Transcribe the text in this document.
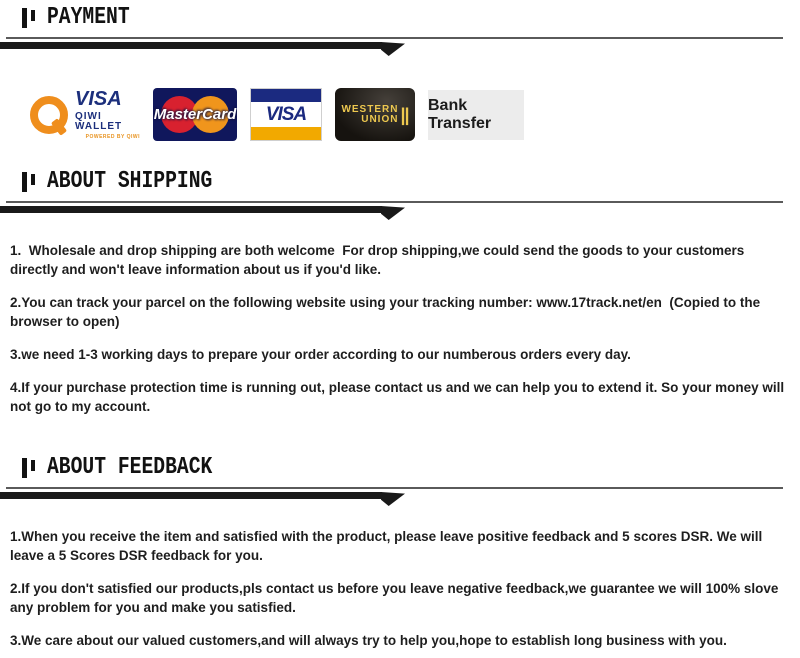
PAYMENT
VISA
QIWI WALLET
POWERED BY QIWI
MasterCard	VISA	WESTERN
UNION || Bank Transfer
ABOUT SHIPPING

1.  Wholesale and drop shipping are both welcome  For drop shipping,we could send the goods to your customers directly and won't leave information about us if you'd like.

2.You can track your parcel on the following website using your tracking number: www.17track.net/en  (Copied to the browser to open)

3.we need 1-3 working days to prepare your order according to our numberous orders every day.

4.If your purchase protection time is running out, please contact us and we can help you to extend it. So your money will not go to my account.

ABOUT FEEDBACK

1.When you receive the item and satisfied with the product, please leave positive feedback and 5 scores DSR. We will leave a 5 Scores DSR feedback for you.

2.If you don't satisfied our products,pls contact us before you leave negative feedback,we guarantee we will 100% slove any problem for you and make you satisfied.

3.We care about our valued customers,and will always try to help you,hope to establish long business with you.
